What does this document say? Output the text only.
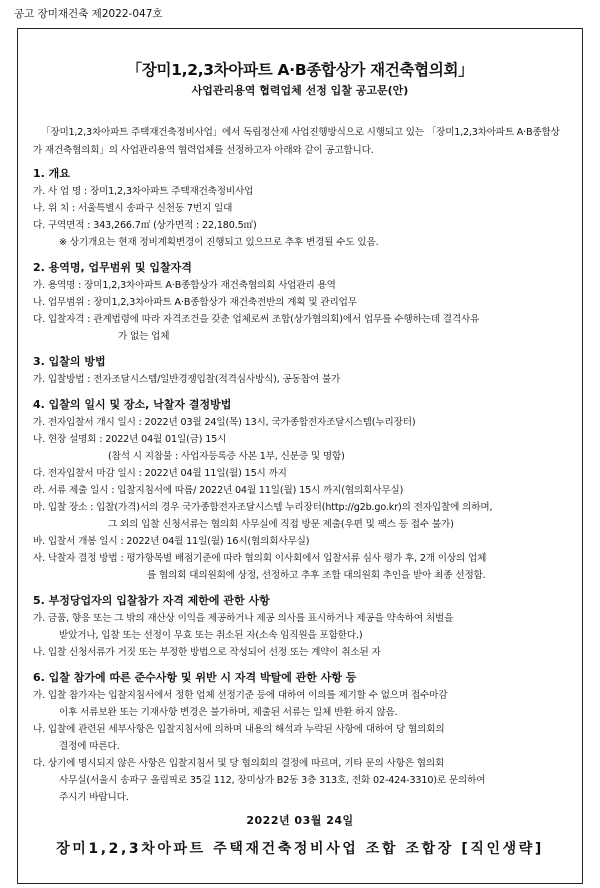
공고 장미재건축 제2022-047호
「장미1,2,3차아파트 A·B종합상가 재건축협의회」
사업관리용역 협력업체 선정 입찰 공고문(안)
「장미1,2,3차아파트 주택재건축정비사업」에서 독립정산제 사업진행방식으로 시행되고 있는 「장미1,2,3차아파트 A·B종합상가 재건축협의회」의 사업관리용역 협력업체를 선정하고자 아래와 같이 공고합니다.
1. 개요
가. 사 업 명 : 장미1,2,3차아파트 주택재건축정비사업
나. 위 치 : 서울특별시 송파구 신천동 7번지 일대
다. 구역면적 : 343,266.7㎡ (상가면적 : 22,180.5㎡)
※ 상기개요는 현재 정비계획변경이 진행되고 있으므로 추후 변경될 수도 있음.
2. 용역명, 업무범위 및 입찰자격
가. 용역명 : 장미1,2,3차아파트 A·B종합상가 재건축협의회 사업관리 용역
나. 업무범위 : 장미1,2,3차아파트 A·B종합상가 재건축전반의 계획 및 관리업무
다. 입찰자격 : 관계법령에 따라 자격조건을 갖춘 업체로써 조합(상가협의회)에서 업무를 수행하는데 결격사유
가 없는 업체
3. 입찰의 방법
가. 입찰방법 : 전자조달시스템/일반경쟁입찰(적격심사방식), 공동참여 불가
4. 입찰의 일시 및 장소, 낙찰자 결정방법
가. 전자입찰서 개시 일시 : 2022년 03월 24일(목) 13시, 국가종합전자조달시스템(누리장터)
나. 현장 설명회 : 2022년 04월 01일(금) 15시
(참석 시 지참물 : 사업자등록증 사본 1부, 신분증 및 명함)
다. 전자입찰서 마감 일시 : 2022년 04월 11일(월) 15시 까지
라. 서류 제출 일시 : 입찰지침서에 따름/ 2022년 04월 11일(월) 15시 까지(협의회사무실)
마. 입찰 장소 : 입찰(가격)서의 경우 국가종합전자조달시스템 누리장터(http://g2b.go.kr)의 전자입찰에 의하며,
그 외의 입찰 신청서류는 협의회 사무실에 직접 방문 제출(우편 및 팩스 등 접수 불가)
바. 입찰서 개봉 일시 : 2022년 04월 11일(월) 16시(협의회사무실)
사. 낙찰자 결정 방법 : 평가항목별 배점기준에 따라 협의회 이사회에서 입찰서류 심사 평가 후, 2개 이상의 업체
를 협의회 대의원회에 상정, 선정하고 추후 조합 대의원회 추인을 받아 최종 선정함.
5. 부정당업자의 입찰참가 자격 제한에 관한 사항
가. 금품, 향응 또는 그 밖의 재산상 이익을 제공하거나 제공 의사를 표시하거나 제공을 약속하여 처벌을
받았거나, 입찰 또는 선정이 무효 또는 취소된 자(소속 임직원을 포함한다.)
나. 입찰 신청서류가 거짓 또는 부정한 방법으로 작성되어 선정 또는 계약이 취소된 자
6. 입찰 참가에 따른 준수사항 및 위반 시 자격 박탈에 관한 사항 등
가. 입찰 참가자는 입찰지침서에서 정한 업체 선정기준 등에 대하여 이의를 제기할 수 없으며 접수마감
이후 서류보완 또는 기재사항 변경은 불가하며, 제출된 서류는 일체 반환 하지 않음.
나. 입찰에 관련된 세부사항은 입찰지침서에 의하며 내용의 해석과 누락된 사항에 대하여 당 협의회의
결정에 따른다.
다. 상기에 명시되지 않은 사항은 입찰지침서 및 당 협의회의 결정에 따르며, 기타 문의 사항은 협의회
2022년 03월 24일
장미1,2,3차아파트 주택재건축정비사업 조합 조합장 [직인생략]
사무실(서울시 송파구 올림픽로 35길 112, 장미상가 B2동 3층 313호, 전화 02-424-3310)로 문의하여
주시기 바랍니다.
